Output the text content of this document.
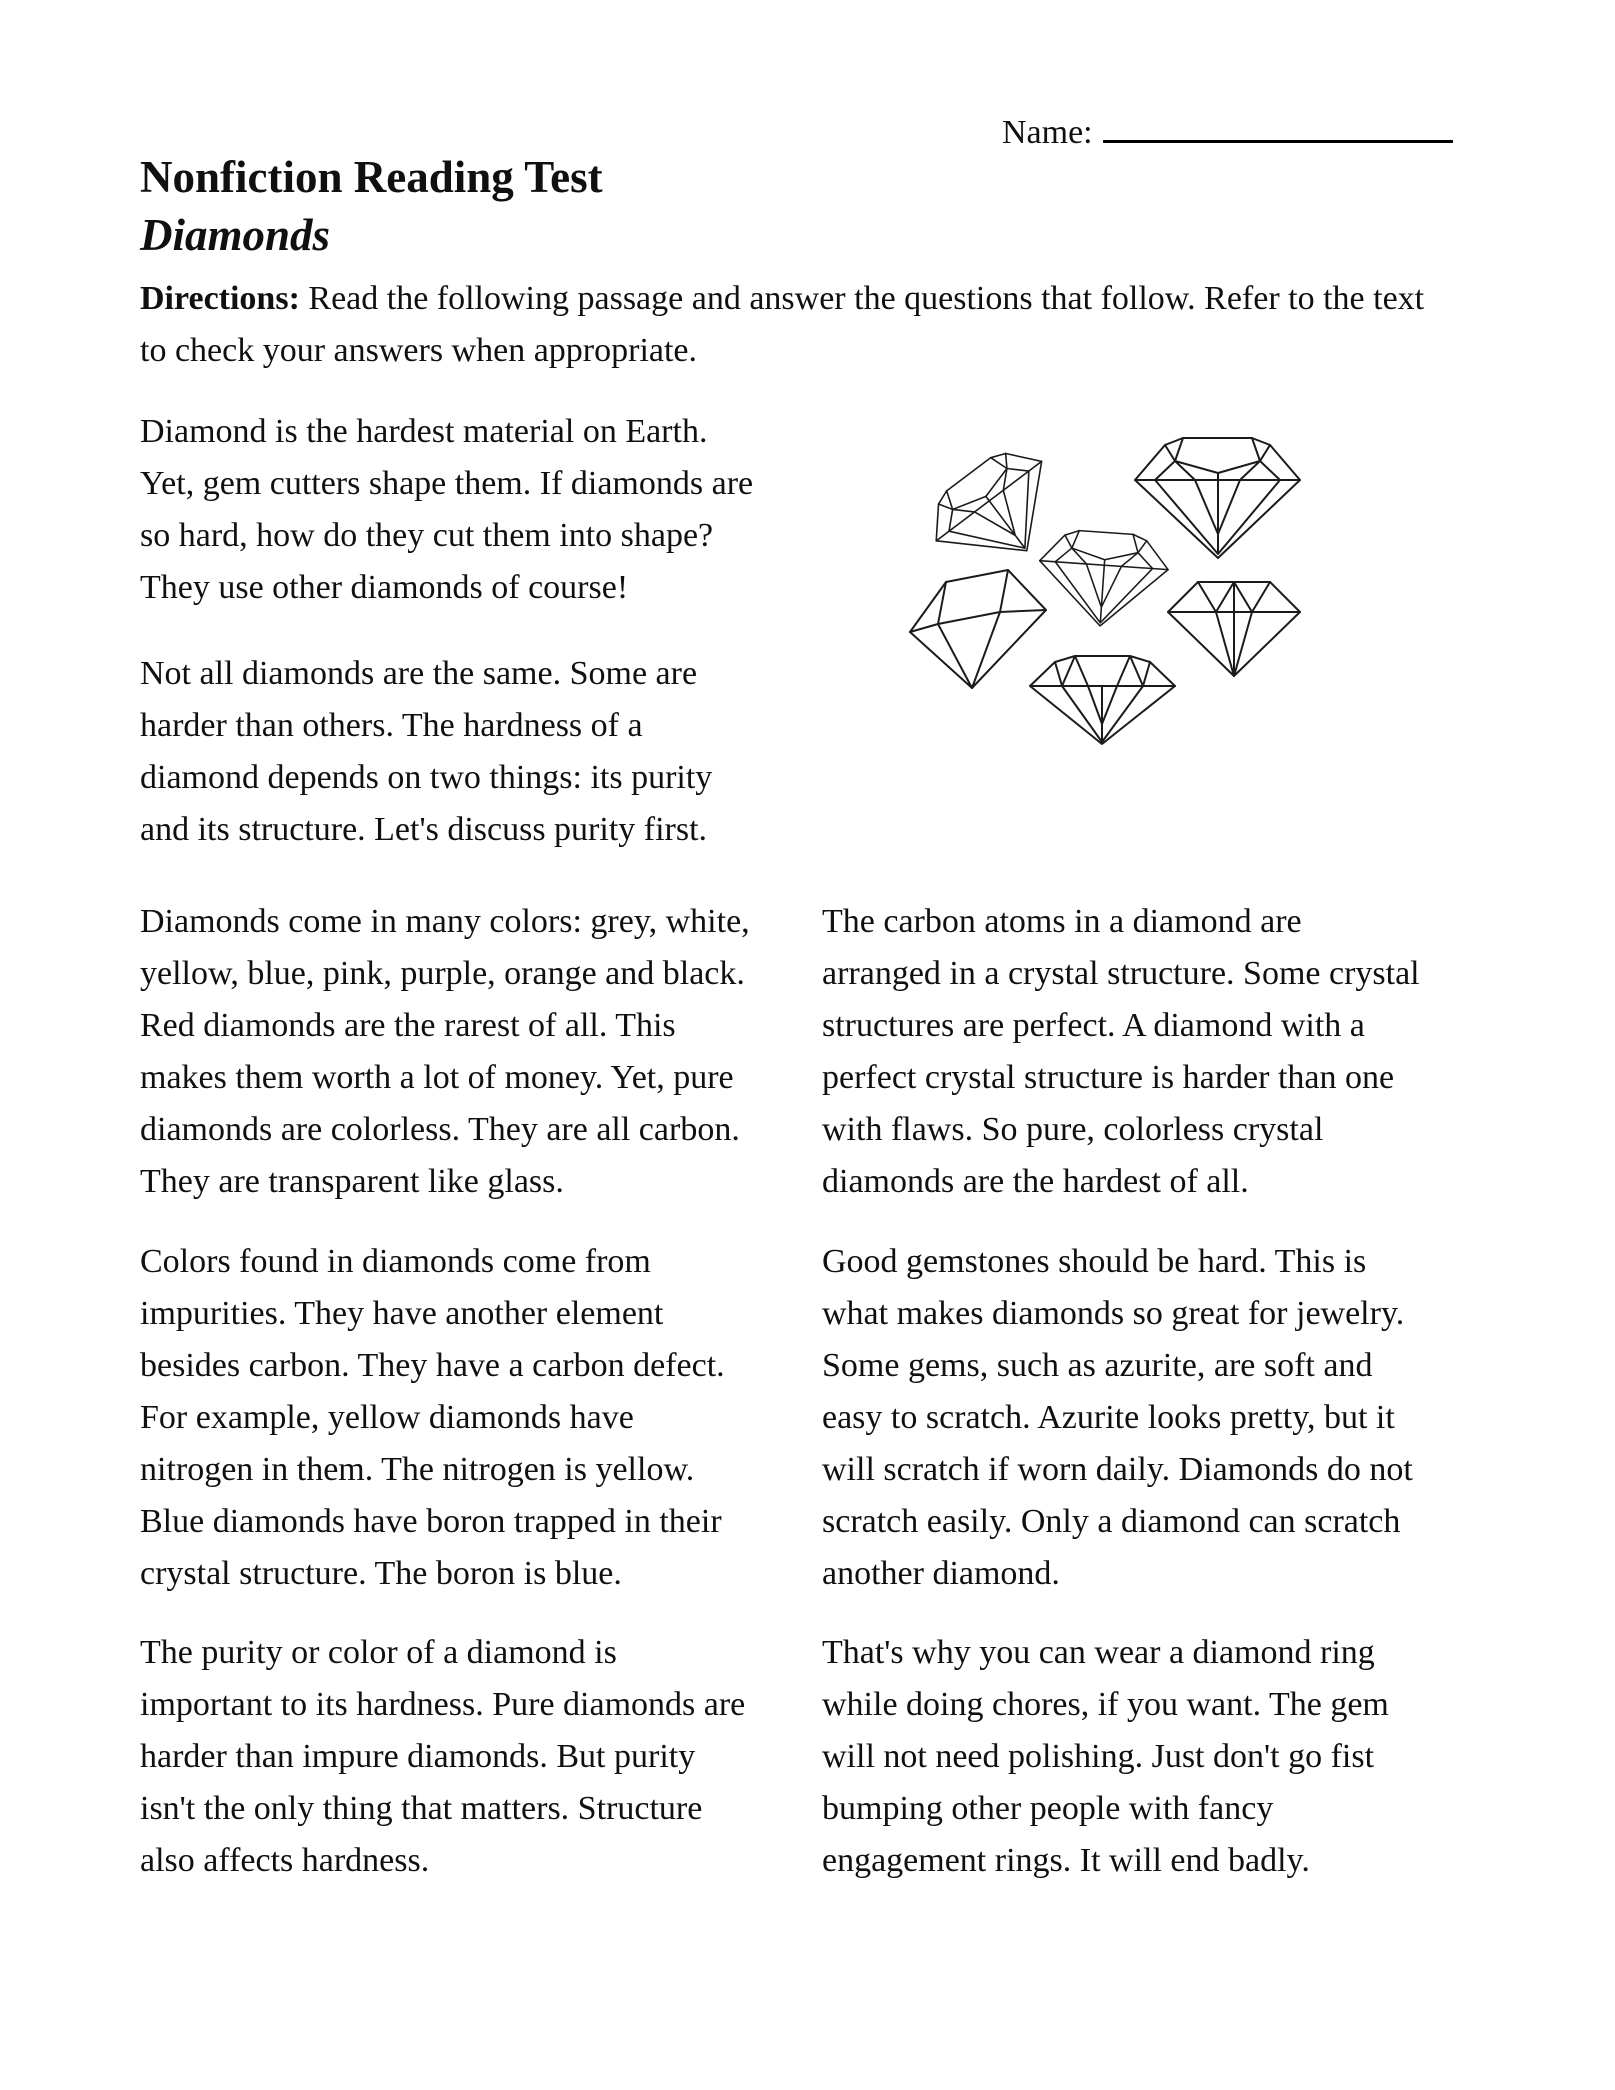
Name:
Nonfiction Reading Test
Diamonds
Directions: Read the following passage and answer the questions that follow. Refer to the text to check your answers when appropriate.
Diamond is the hardest material on Earth. Yet, gem cutters shape them. If diamonds are so hard, how do they cut them into shape? They use other diamonds of course!
Not all diamonds are the same. Some are harder than others. The hardness of a diamond depends on two things: its purity and its structure. Let's discuss purity first.
Diamonds come in many colors: grey, white, yellow, blue, pink, purple, orange and black. Red diamonds are the rarest of all. This makes them worth a lot of money. Yet, pure diamonds are colorless. They are all carbon. They are transparent like glass.
Colors found in diamonds come from impurities. They have another element besides carbon. They have a carbon defect. For example, yellow diamonds have nitrogen in them. The nitrogen is yellow. Blue diamonds have boron trapped in their crystal structure. The boron is blue.
The purity or color of a diamond is important to its hardness. Pure diamonds are harder than impure diamonds. But purity isn't the only thing that matters. Structure also affects hardness.
The carbon atoms in a diamond are arranged in a crystal structure. Some crystal structures are perfect. A diamond with a perfect crystal structure is harder than one with flaws. So pure, colorless crystal diamonds are the hardest of all.
Good gemstones should be hard. This is what makes diamonds so great for jewelry. Some gems, such as azurite, are soft and easy to scratch. Azurite looks pretty, but it will scratch if worn daily. Diamonds do not scratch easily. Only a diamond can scratch another diamond.
That's why you can wear a diamond ring while doing chores, if you want. The gem will not need polishing. Just don't go fist bumping other people with fancy engagement rings. It will end badly.
